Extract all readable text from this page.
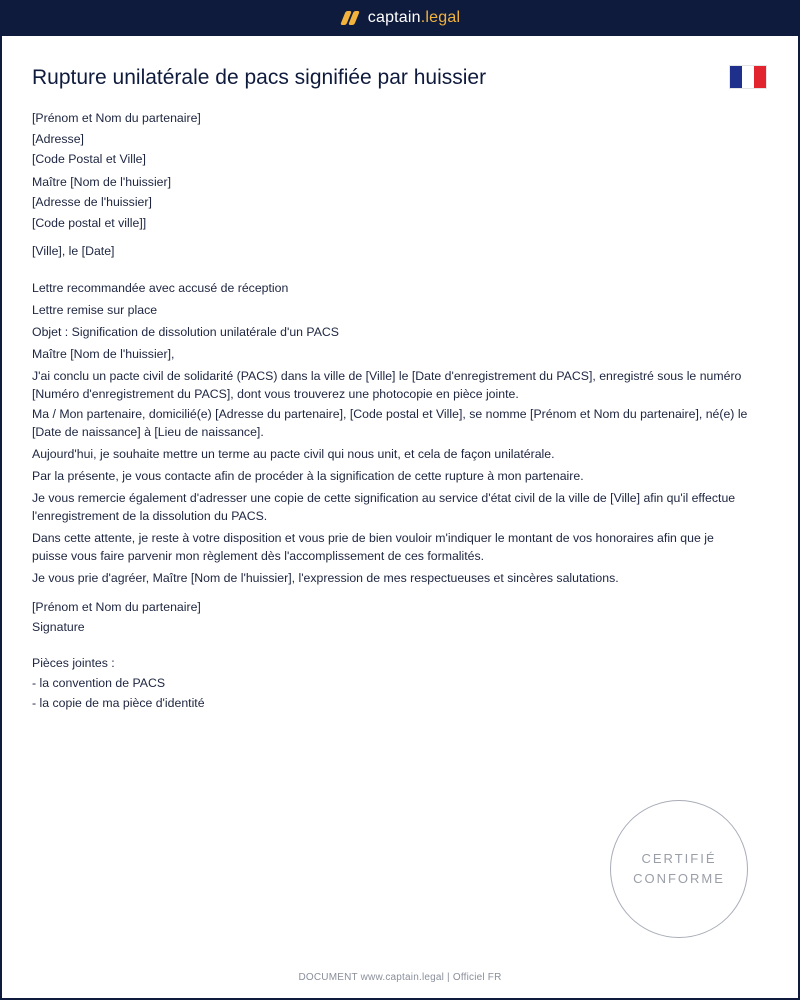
captain.legal
Rupture unilatérale de pacs signifiée par huissier

[Prénom et Nom du partenaire]

[Adresse]

[Code Postal et Ville]

Maître [Nom de l'huissier]

[Adresse de l'huissier]

[Code postal et ville]]

[Ville], le [Date]

Lettre recommandée avec accusé de réception

Lettre remise sur place

Objet : Signification de dissolution unilatérale d'un PACS

Maître [Nom de l'huissier],

J'ai conclu un pacte civil de solidarité (PACS) dans la ville de [Ville] le [Date d'enregistrement du PACS], enregistré sous le numéro [Numéro d'enregistrement du PACS], dont vous trouverez une photocopie en pièce jointe.

Ma / Mon partenaire, domicilié(e) [Adresse du partenaire], [Code postal et Ville], se nomme [Prénom et Nom du partenaire], né(e) le [Date de naissance] à [Lieu de naissance].

Aujourd'hui, je souhaite mettre un terme au pacte civil qui nous unit, et cela de façon unilatérale.

Par la présente, je vous contacte afin de procéder à la signification de cette rupture à mon partenaire.

Je vous remercie également d'adresser une copie de cette signification au service d'état civil de la ville de [Ville] afin qu'il effectue l'enregistrement de la dissolution du PACS.

Dans cette attente, je reste à votre disposition et vous prie de bien vouloir m'indiquer le montant de vos honoraires afin que je puisse vous faire parvenir mon règlement dès l'accomplissement de ces formalités.

Je vous prie d'agréer, Maître [Nom de l'huissier], l'expression de mes respectueuses et sincères salutations.

[Prénom et Nom du partenaire]

Signature

Pièces jointes :

- la convention de PACS

- la copie de ma pièce d'identité

CERTIFIÉ
CONFORME
DOCUMENT www.captain.legal | Officiel FR
